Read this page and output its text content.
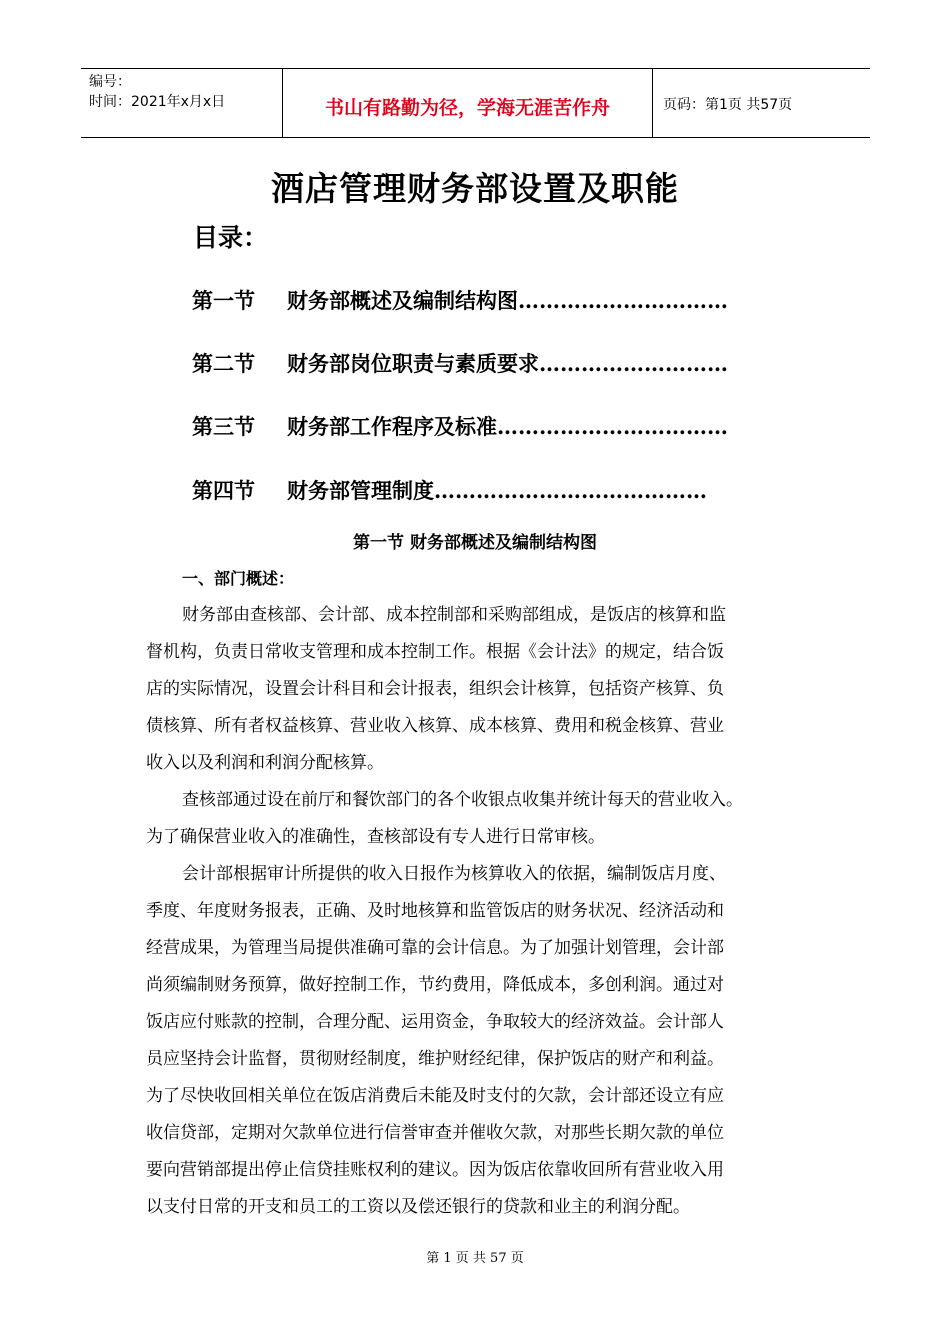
编号：
时间：2021年x月x日	书山有路勤为径，学海无涯苦作舟	页码：第1页 共57页
酒店管理财务部设置及职能
目录：
第一节 财务部概述及编制结构图…………………………
第二节 财务部岗位职责与素质要求………………………
第三节 财务部工作程序及标准……………………………
第四节 财务部管理制度…………………………………
第一节 财务部概述及编制结构图
一、部门概述：
财务部由查核部、会计部、成本控制部和采购部组成，是饭店的核算和监
督机构，负责日常收支管理和成本控制工作。根据《会计法》的规定，结合饭
店的实际情况，设置会计科目和会计报表，组织会计核算，包括资产核算、负
债核算、所有者权益核算、营业收入核算、成本核算、费用和税金核算、营业
收入以及利润和利润分配核算。
查核部通过设在前厅和餐饮部门的各个收银点收集并统计每天的营业收入。
为了确保营业收入的准确性，查核部设有专人进行日常审核。
会计部根据审计所提供的收入日报作为核算收入的依据，编制饭店月度、
季度、年度财务报表，正确、及时地核算和监管饭店的财务状况、经济活动和
经营成果，为管理当局提供准确可靠的会计信息。为了加强计划管理，会计部
尚须编制财务预算，做好控制工作，节约费用，降低成本，多创利润。通过对
饭店应付账款的控制，合理分配、运用资金，争取较大的经济效益。会计部人
员应坚持会计监督，贯彻财经制度，维护财经纪律，保护饭店的财产和利益。
为了尽快收回相关单位在饭店消费后未能及时支付的欠款，会计部还设立有应
收信贷部，定期对欠款单位进行信誉审查并催收欠款，对那些长期欠款的单位
要向营销部提出停止信贷挂账权利的建议。因为饭店依靠收回所有营业收入用
以支付日常的开支和员工的工资以及偿还银行的贷款和业主的利润分配。
第 1 页 共 57 页
